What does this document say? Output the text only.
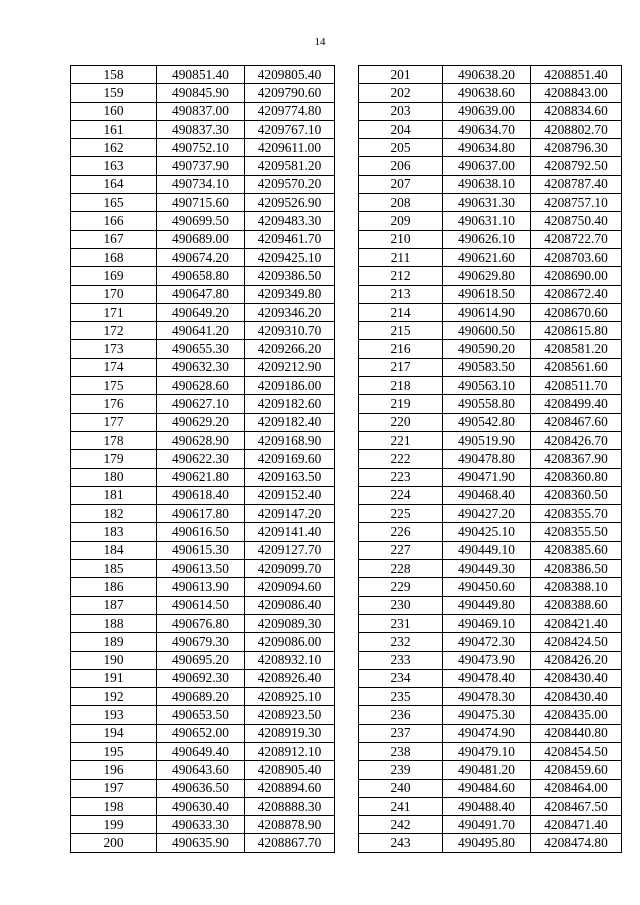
14
158	490851.40	4209805.40
159	490845.90	4209790.60
160	490837.00	4209774.80
161	490837.30	4209767.10
162	490752.10	4209611.00
163	490737.90	4209581.20
164	490734.10	4209570.20
165	490715.60	4209526.90
166	490699.50	4209483.30
167	490689.00	4209461.70
168	490674.20	4209425.10
169	490658.80	4209386.50
170	490647.80	4209349.80
171	490649.20	4209346.20
172	490641.20	4209310.70
173	490655.30	4209266.20
174	490632.30	4209212.90
175	490628.60	4209186.00
176	490627.10	4209182.60
177	490629.20	4209182.40
178	490628.90	4209168.90
179	490622.30	4209169.60
180	490621.80	4209163.50
181	490618.40	4209152.40
182	490617.80	4209147.20
183	490616.50	4209141.40
184	490615.30	4209127.70
185	490613.50	4209099.70
186	490613.90	4209094.60
187	490614.50	4209086.40
188	490676.80	4209089.30
189	490679.30	4209086.00
190	490695.20	4208932.10
191	490692.30	4208926.40
192	490689.20	4208925.10
193	490653.50	4208923.50
194	490652.00	4208919.30
195	490649.40	4208912.10
196	490643.60	4208905.40
197	490636.50	4208894.60
198	490630.40	4208888.30
199	490633.30	4208878.90
200	490635.90	4208867.70
201	490638.20	4208851.40
202	490638.60	4208843.00
203	490639.00	4208834.60
204	490634.70	4208802.70
205	490634.80	4208796.30
206	490637.00	4208792.50
207	490638.10	4208787.40
208	490631.30	4208757.10
209	490631.10	4208750.40
210	490626.10	4208722.70
211	490621.60	4208703.60
212	490629.80	4208690.00
213	490618.50	4208672.40
214	490614.90	4208670.60
215	490600.50	4208615.80
216	490590.20	4208581.20
217	490583.50	4208561.60
218	490563.10	4208511.70
219	490558.80	4208499.40
220	490542.80	4208467.60
221	490519.90	4208426.70
222	490478.80	4208367.90
223	490471.90	4208360.80
224	490468.40	4208360.50
225	490427.20	4208355.70
226	490425.10	4208355.50
227	490449.10	4208385.60
228	490449.30	4208386.50
229	490450.60	4208388.10
230	490449.80	4208388.60
231	490469.10	4208421.40
232	490472.30	4208424.50
233	490473.90	4208426.20
234	490478.40	4208430.40
235	490478.30	4208430.40
236	490475.30	4208435.00
237	490474.90	4208440.80
238	490479.10	4208454.50
239	490481.20	4208459.60
240	490484.60	4208464.00
241	490488.40	4208467.50
242	490491.70	4208471.40
243	490495.80	4208474.80
